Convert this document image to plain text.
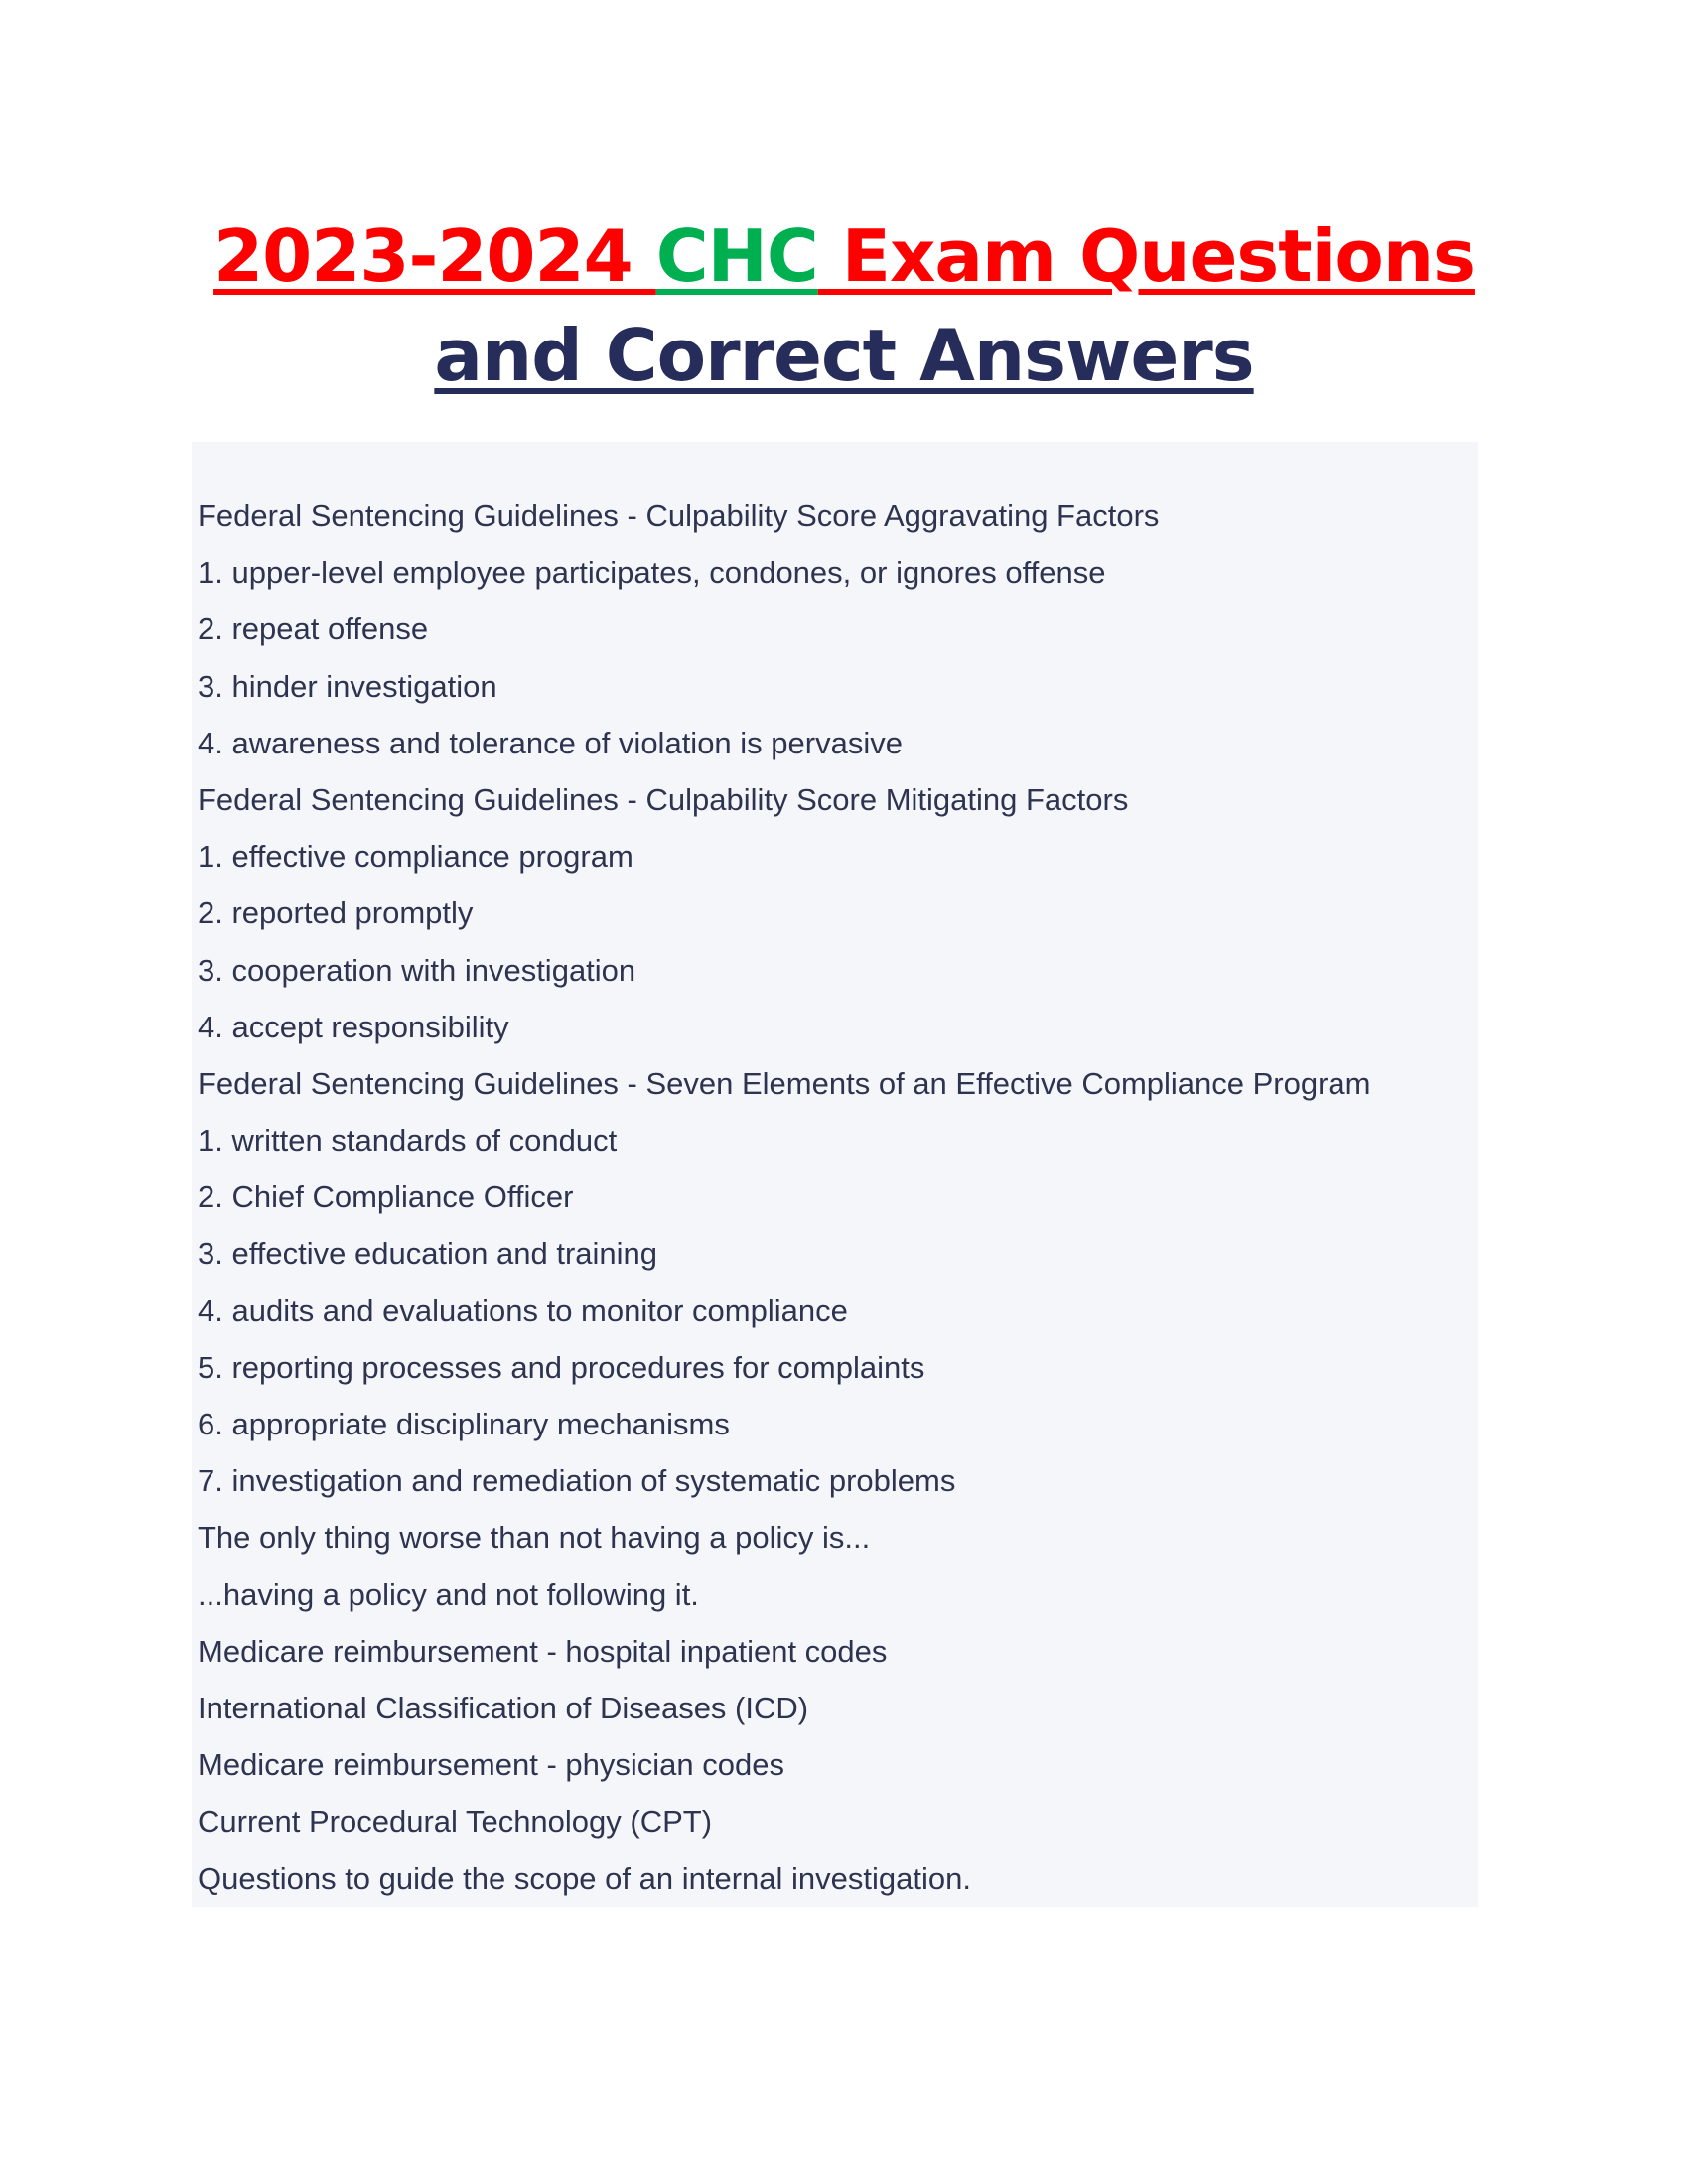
2023-2024 CHC Exam Questions
and Correct Answers
Federal Sentencing Guidelines - Culpability Score Aggravating Factors
1. upper-level employee participates, condones, or ignores offense
2. repeat offense
3. hinder investigation
4. awareness and tolerance of violation is pervasive
Federal Sentencing Guidelines - Culpability Score Mitigating Factors
1. effective compliance program
2. reported promptly
3. cooperation with investigation
4. accept responsibility
Federal Sentencing Guidelines - Seven Elements of an Effective Compliance Program
1. written standards of conduct
2. Chief Compliance Officer
3. effective education and training
4. audits and evaluations to monitor compliance
5. reporting processes and procedures for complaints
6. appropriate disciplinary mechanisms
7. investigation and remediation of systematic problems
The only thing worse than not having a policy is...
...having a policy and not following it.
Medicare reimbursement - hospital inpatient codes
International Classification of Diseases (ICD)
Medicare reimbursement - physician codes
Current Procedural Technology (CPT)
Questions to guide the scope of an internal investigation.
